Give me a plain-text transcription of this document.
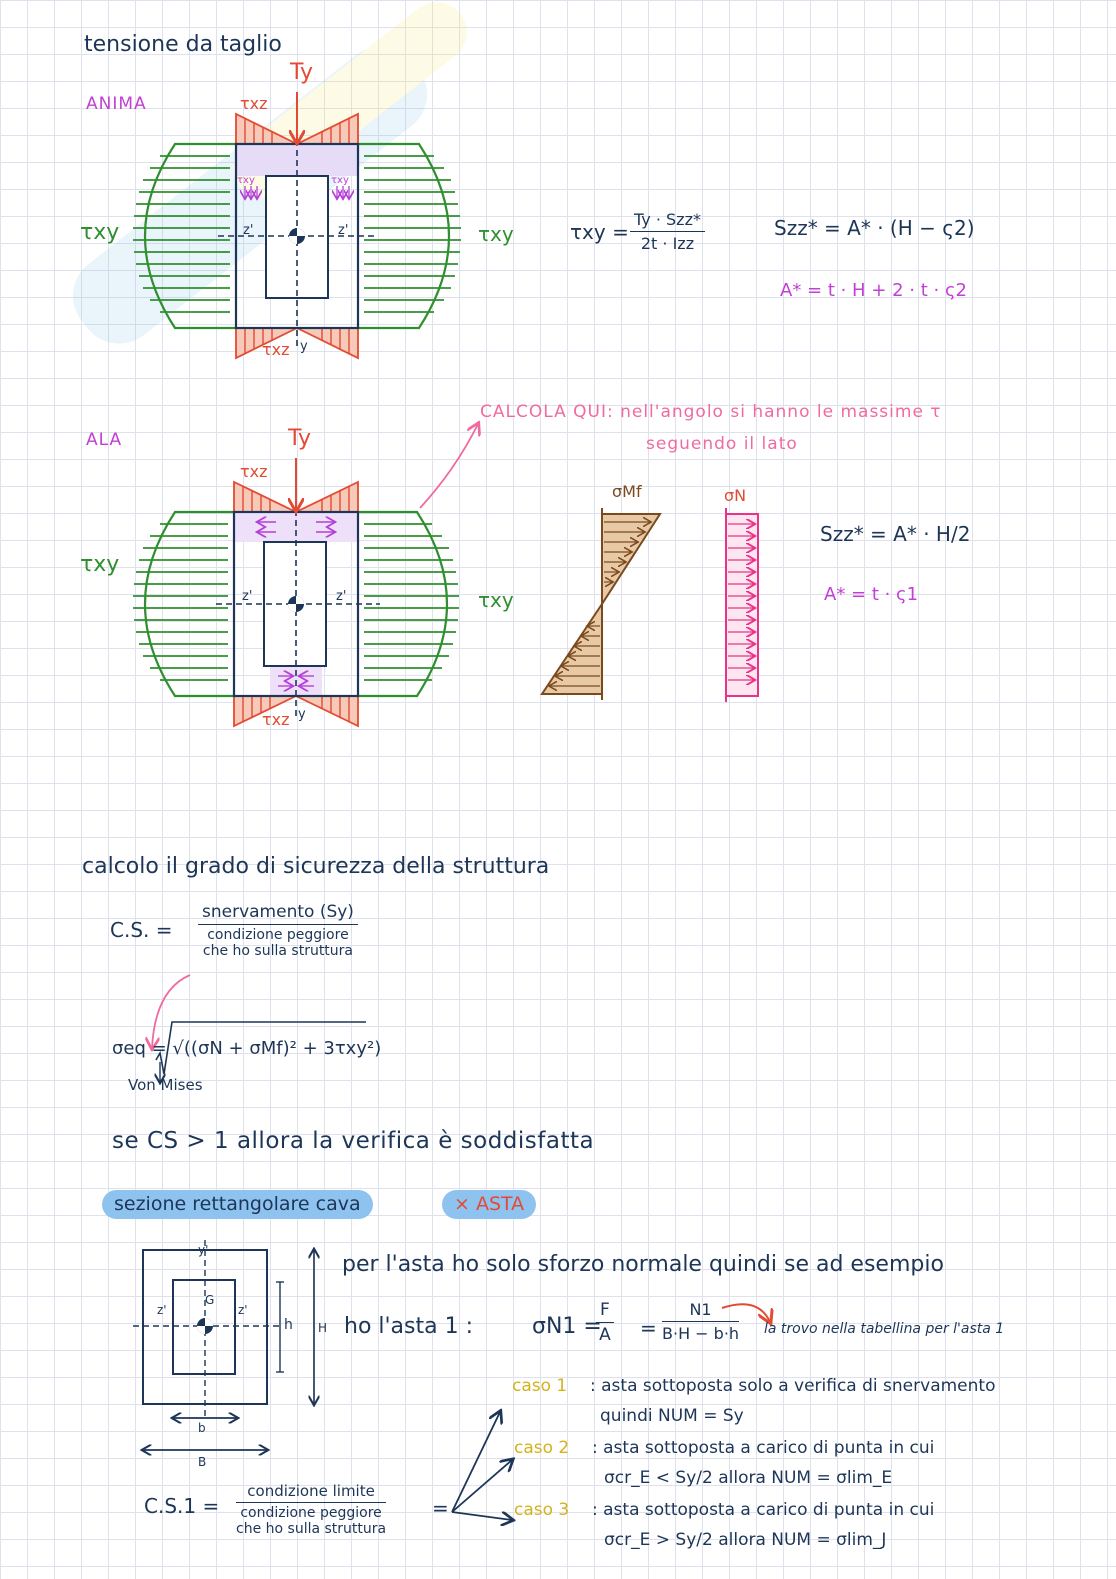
tensione da taglio
ANIMA
Ty
τxz
τxz y
τxy	τxy
z'	z'
τxy	τxy	τxy =
Ty · Szz*
2t · Izz
Szz* = A* · (H − ς2)
A* = t · H + 2 · t · ς2
ALA	Ty
τxz
τxz y
z'	z'
τxy
τxy
CALCOLA QUI: nell'angolo si hanno le massime τ
seguendo il lato
σMf	σN
Szz* = A* · H/2
A* = t · ς1
calcolo il grado di sicurezza della struttura
C.S. =
snervamento (Sy)
condizione peggiore
che ho sulla struttura
σeq = √((σN + σMf)² + 3τxy²)
Von Mises
se CS > 1 allora la verifica è soddisfatta
sezione rettangolare cava	× ASTA
y'
G
z'	z'
h H
b
B
per l'asta ho solo sforzo normale quindi se ad esempio
ho l'asta 1 :	σN1 =
$\frac{F}{A} = \frac{N1}{B\cdot H - b\cdot h}$ la trovo nella tabellina per l'asta 1
C.S.1 =
condizione limite
condizione peggiore
che ho sulla struttura
=
caso 1 : asta sottoposta solo a verifica di snervamento
quindi NUM = Sy
caso 2 : asta sottoposta a carico di punta in cui
σcr_E < Sy/2 allora NUM = σlim_E
caso 3 : asta sottoposta a carico di punta in cui
σcr_E > Sy/2 allora NUM = σlim_J
